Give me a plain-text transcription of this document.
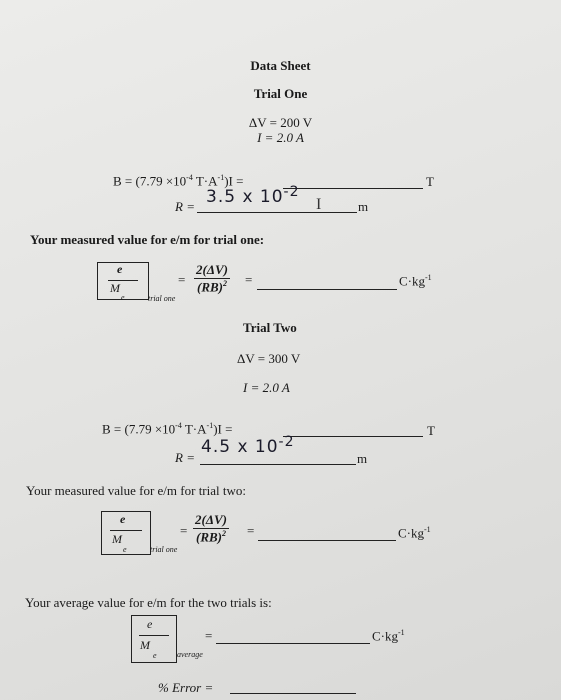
Data Sheet
Trial One
ΔV = 200 V
I = 2.0 A
$B = (7.79 \times 10^{-4}$ $T\cdot A^{-1})I$ =	T
R = 3.5 x $10^{-2}$
I	m
Your measured value for e/m for trial one:
e
M
e	trial one
= $\frac{2(\Delta V)}{(RB)^2}$ =	$C\cdot kg^{-1}$
Trial Two
ΔV = 300 V
I = 2.0 A
$B = (7.79 \times 10^{-4}$ $T\cdot A^{-1})I$ =	T
R =
4.5 x $10^{-2}$
m
Your measured value for e/m for trial two:
e
M
e	trial one
= $\frac{2(\Delta V)}{(RB)^2}$ =	$C\cdot kg^{-1}$
Your average value for e/m for the two trials is:
e
M
e	average
=	$C\cdot kg^{-1}$
% Error =
